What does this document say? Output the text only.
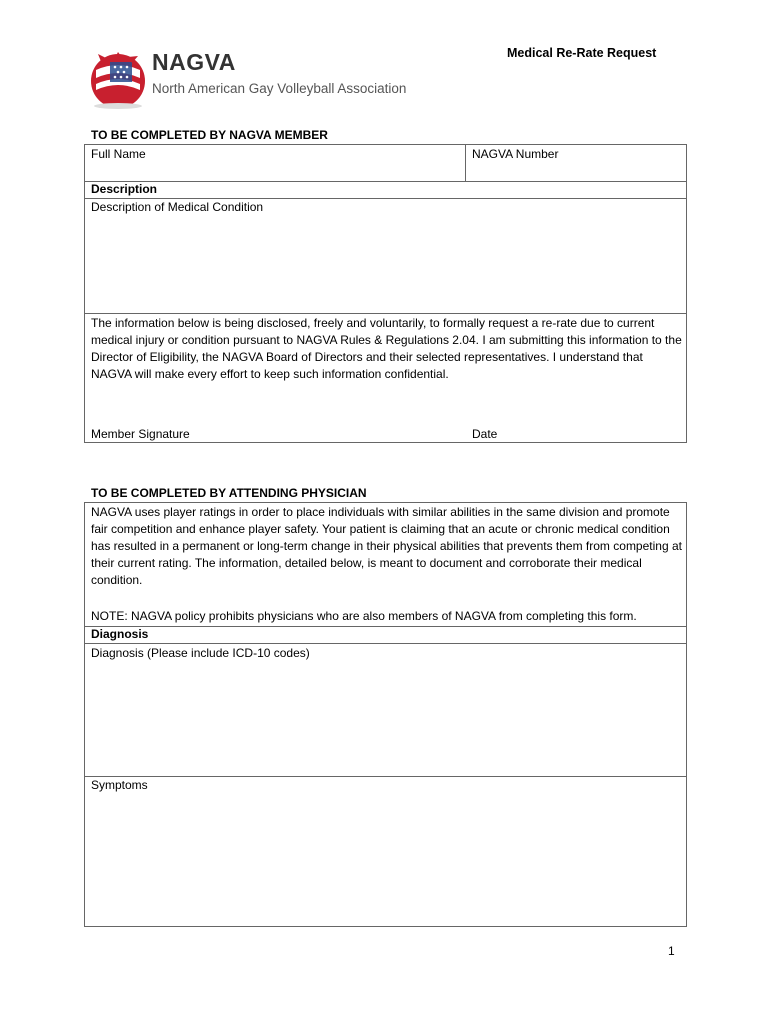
Medical Re-Rate Request
NAGVA
North American Gay Volleyball Association
TO BE COMPLETED BY NAGVA MEMBER
Full Name	NAGVA Number
Description
Description of Medical Condition
The information below is being disclosed, freely and voluntarily, to formally request a re-rate due to current medical injury or condition pursuant to NAGVA Rules & Regulations 2.04. I am submitting this information to the Director of Eligibility, the NAGVA Board of Directors and their selected representatives. I understand that NAGVA will make every effort to keep such information confidential.
Member Signature	Date
TO BE COMPLETED BY ATTENDING PHYSICIAN
NAGVA uses player ratings in order to place individuals with similar abilities in the same division and promote fair competition and enhance player safety. Your patient is claiming that an acute or chronic medical condition has resulted in a permanent or long-term change in their physical abilities that prevents them from competing at their current rating. The information, detailed below, is meant to document and corroborate their medical condition.
NOTE: NAGVA policy prohibits physicians who are also members of NAGVA from completing this form.
Diagnosis
Diagnosis (Please include ICD-10 codes)
Symptoms
1
